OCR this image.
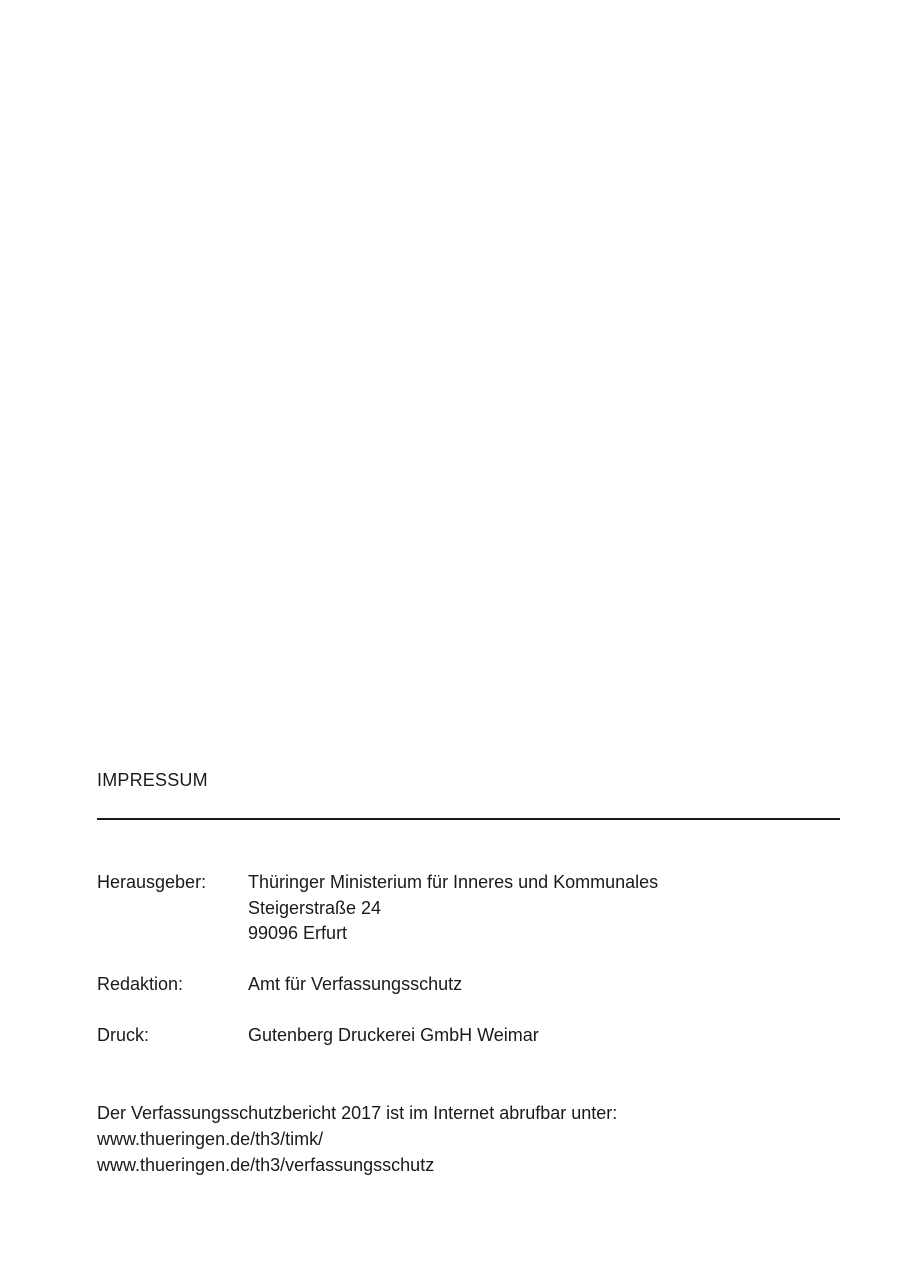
IMPRESSUM
Herausgeber: Thüringer Ministerium für Inneres und Kommunales
Steigerstraße 24
99096 Erfurt
Redaktion:	Amt für Verfassungsschutz
Druck:	Gutenberg Druckerei GmbH Weimar
Der Verfassungsschutzbericht 2017 ist im Internet abrufbar unter:
www.thueringen.de/th3/timk/
www.thueringen.de/th3/verfassungsschutz
